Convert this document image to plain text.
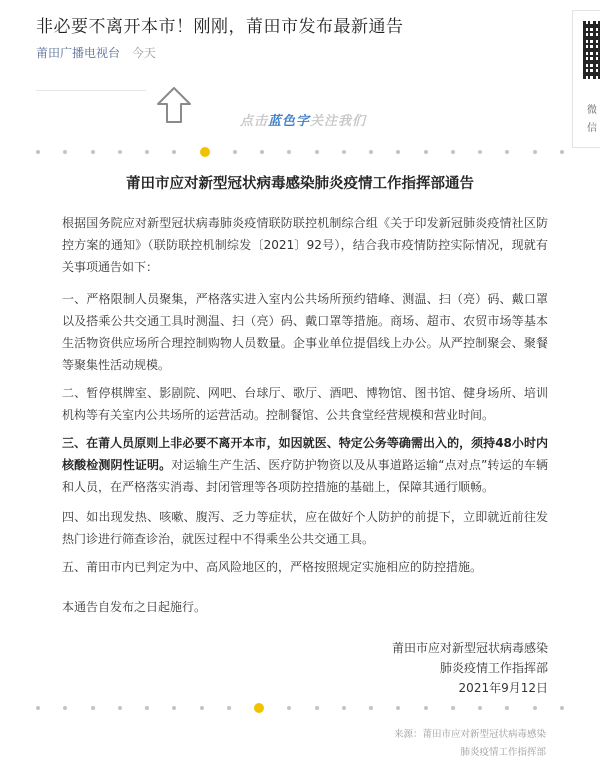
非必要不离开本市！刚刚，莆田市发布最新通告
莆田广播电视台 今天
微
信
点击蓝色字关注我们
莆田市应对新型冠状病毒感染肺炎疫情工作指挥部通告

根据国务院应对新型冠状病毒肺炎疫情联防联控机制综合组《关于印发新冠肺炎疫情社区防控方案的通知》（联防联控机制综发〔2021〕92号），结合我市疫情防控实际情况，现就有关事项通告如下：

一、严格限制人员聚集，严格落实进入室内公共场所预约错峰、测温、扫（亮）码、戴口罩以及搭乘公共交通工具时测温、扫（亮）码、戴口罩等措施。商场、超市、农贸市场等基本生活物资供应场所合理控制购物人员数量。企事业单位提倡线上办公。从严控制聚会、聚餐等聚集性活动规模。

二、暂停棋牌室、影剧院、网吧、台球厅、歌厅、酒吧、博物馆、图书馆、健身场所、培训机构等有关室内公共场所的运营活动。控制餐馆、公共食堂经营规模和营业时间。

三、在莆人员原则上非必要不离开本市，如因就医、特定公务等确需出入的，须持48小时内核酸检测阴性证明。对运输生产生活、医疗防护物资以及从事道路运输“点对点”转运的车辆和人员，在严格落实消毒、封闭管理等各项防控措施的基础上，保障其通行顺畅。

四、如出现发热、咳嗽、腹泻、乏力等症状，应在做好个人防护的前提下，立即就近前往发热门诊进行筛查诊治，就医过程中不得乘坐公共交通工具。

五、莆田市内已判定为中、高风险地区的，严格按照规定实施相应的防控措施。

本通告自发布之日起施行。

莆田市应对新型冠状病毒感染
肺炎疫情工作指挥部
2021年9月12日
来源：莆田市应对新型冠状病毒感染
肺炎疫情工作指挥部
